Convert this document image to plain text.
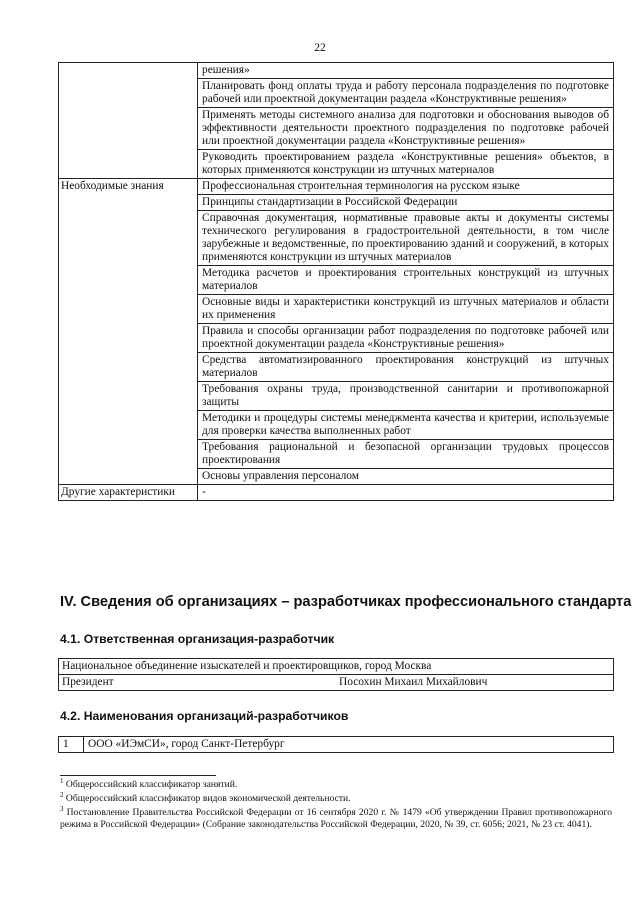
22
	решения»
	Планировать фонд оплаты труда и работу персонала подразделения по подготовке рабочей или проектной документации раздела «Конструктивные решения»
	Применять методы системного анализа для подготовки и обоснования выводов об эффективности деятельности проектного подразделения по подготовке рабочей или проектной документации раздела «Конструктивные решения»
	Руководить проектированием раздела «Конструктивные решения» объектов, в которых применяются конструкции из штучных материалов
Необходимые знания	Профессиональная строительная терминология на русском языке
	Принципы стандартизации в Российской Федерации
	Справочная документация, нормативные правовые акты и документы системы технического регулирования в градостроительной деятельности, в том числе зарубежные и ведомственные, по проектированию зданий и сооружений, в которых применяются конструкции из штучных материалов
	Методика расчетов и проектирования строительных конструкций из штучных материалов
	Основные виды и характеристики конструкций из штучных материалов и области их применения
	Правила и способы организации работ подразделения по подготовке рабочей или проектной документации раздела «Конструктивные решения»
	Средства автоматизированного проектирования конструкций из штучных материалов
	Требования охраны труда, производственной санитарии и противопожарной защиты
	Методики и процедуры системы менеджмента качества и критерии, используемые для проверки качества выполненных работ
	Требования рациональной и безопасной организации трудовых процессов проектирования
	Основы управления персоналом
Другие характеристики	-
IV. Сведения об организациях – разработчиках профессионального стандарта
4.1. Ответственная организация-разработчик
Национальное объединение изыскателей и проектировщиков, город Москва
Президент	Посохин Михаил Михайлович
4.2. Наименования организаций-разработчиков
1	ООО «ИЭмСИ», город Санкт-Петербург

$^1$ Общероссийский классификатор занятий.

$^2$ Общероссийский классификатор видов экономической деятельности.

$^3$ Постановление Правительства Российской Федерации от 16 сентября 2020 г. № 1479 «Об утверждении Правил противопожарного режима в Российской Федерации» (Собрание законодательства Российской Федерации, 2020, № 39, ст. 6056; 2021, № 23 ст. 4041).
